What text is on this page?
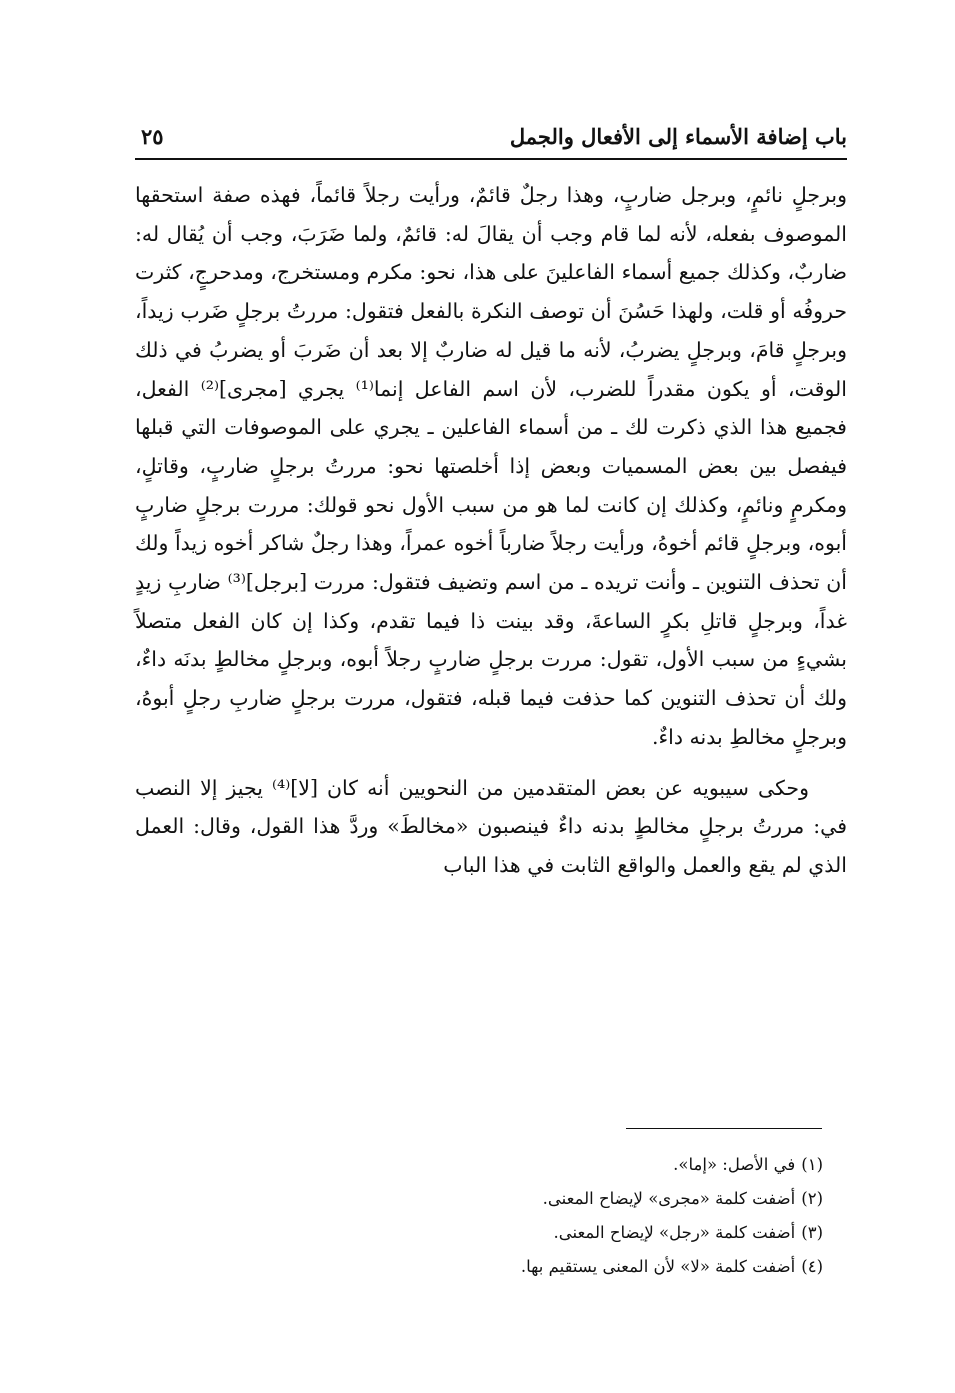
باب إضافة الأسماء إلى الأفعال والجمل
٢٥

وبرجلٍ نائمٍ، وبرجل ضاربٍ، وهذا رجلٌ قائمٌ، ورأيت رجلاً قائماً، فهذه صفة استحقها الموصوف بفعله، لأنه لما قام وجب أن يقالَ له: قائمٌ، ولما ضَرَبَ، وجب أن يُقال له: ضاربٌ، وكذلك جميع أسماء الفاعلينَ على هذا، نحو: مكرم ومستخرج، ومدحرجٍ، كثرت حروفُه أو قلت، ولهذا حَسُنَ أن توصف النكرة بالفعل فتقول: مررتُ برجلٍ ضَرب زيداً، وبرجلٍ قامَ، وبرجلٍ يضربُ، لأنه ما قيل له ضاربٌ إلا بعد أن ضَربَ أو يضربُ في ذلك الوقت، أو يكون مقدراً للضرب، لأن اسم الفاعل إنما⁽¹⁾ يجري [مجرى]⁽²⁾ الفعل، فجميع هذا الذي ذكرت لك ـ من أسماء الفاعلين ـ يجري على الموصوفات التي قبلها فيفصل بين بعض المسميات وبعض إذا أخلصتها نحو: مررتُ برجلٍ ضاربٍ، وقاتلٍ، ومكرمٍ ونائمٍ، وكذلك إن كانت لما هو من سبب الأول نحو قولك: مررت برجلٍ ضاربٍ أبوه، وبرجلٍ قائم أخوهُ، ورأيت رجلاً ضارباً أخوه عمراً، وهذا رجلٌ شاكر أخوه زيداً ولك أن تحذف التنوين ـ وأنت تريده ـ من اسم وتضيف فتقول: مررت [برجل]⁽³⁾ ضاربِ زيدٍ غداً، وبرجلٍ قاتلِ بكرٍ الساعةَ، وقد بينت ذا فيما تقدم، وكذا إن كان الفعل متصلاً بشيءٍ من سبب الأول، تقول: مررت برجلٍ ضاربٍ رجلاً أبوه، وبرجلٍ مخالطٍ بدنَه داءٌ، ولك أن تحذف التنوين كما حذفت فيما قبله، فتقول، مررت برجلٍ ضاربِ رجلٍ أبوهُ، وبرجلٍ مخالطِ بدنه داءٌ.

وحكى سيبويه عن بعض المتقدمين من النحويين أنه كان [لا]⁽⁴⁾ يجيز إلا النصب في: مررتُ برجلٍ مخالطٍ بدنه داءٌ فينصبون «مخالطَ» وردَّ هذا القول، وقال: العمل الذي لم يقع والعمل والواقع الثابت في هذا الباب

(١)في الأصل: «إما».

(٢)أضفت كلمة «مجرى» لإيضاح المعنى.

(٣)أضفت كلمة «رجل» لإيضاح المعنى.

(٤)أضفت كلمة «لا» لأن المعنى يستقيم بها.
